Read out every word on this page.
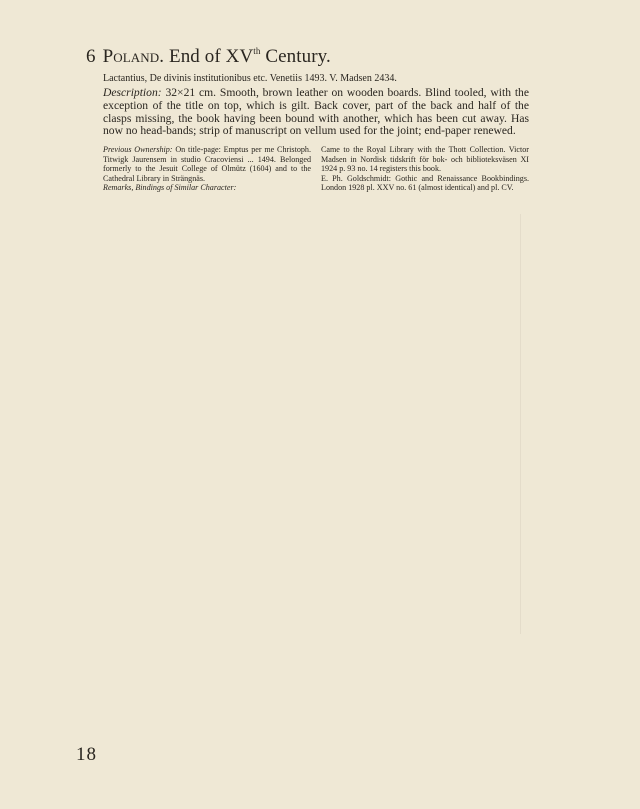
6 Poland. End of XVth Century.
Lactantius, De divinis institutionibus etc. Venetiis 1493. V. Madsen 2434.
Description: 32×21 cm. Smooth, brown leather on wooden boards. Blind tooled, with the exception of the title on top, which is gilt. Back cover, part of the back and half of the clasps missing, the book having been bound with another, which has been cut away. Has now no head-bands; strip of manuscript on vellum used for the joint; end-paper renewed.

Previous Ownership: On title-page: Emptus per me Christoph. Titwigk Jaurensem in studio Cracoviensi ... 1494. Belonged formerly to the Jesuit College of Olmütz (1604) and to the Cathedral Library in Strängnäs.

Remarks, Bindings of Similar Character:

Came to the Royal Library with the Thott Collection. Victor Madsen in Nordisk tidskrift för bok- och biblioteksväsen XI 1924 p. 93 no. 14 registers this book.

E. Ph. Goldschmidt: Gothic and Renaissance Bookbindings. London 1928 pl. XXV no. 61 (almost identical) and pl. CV.

18
